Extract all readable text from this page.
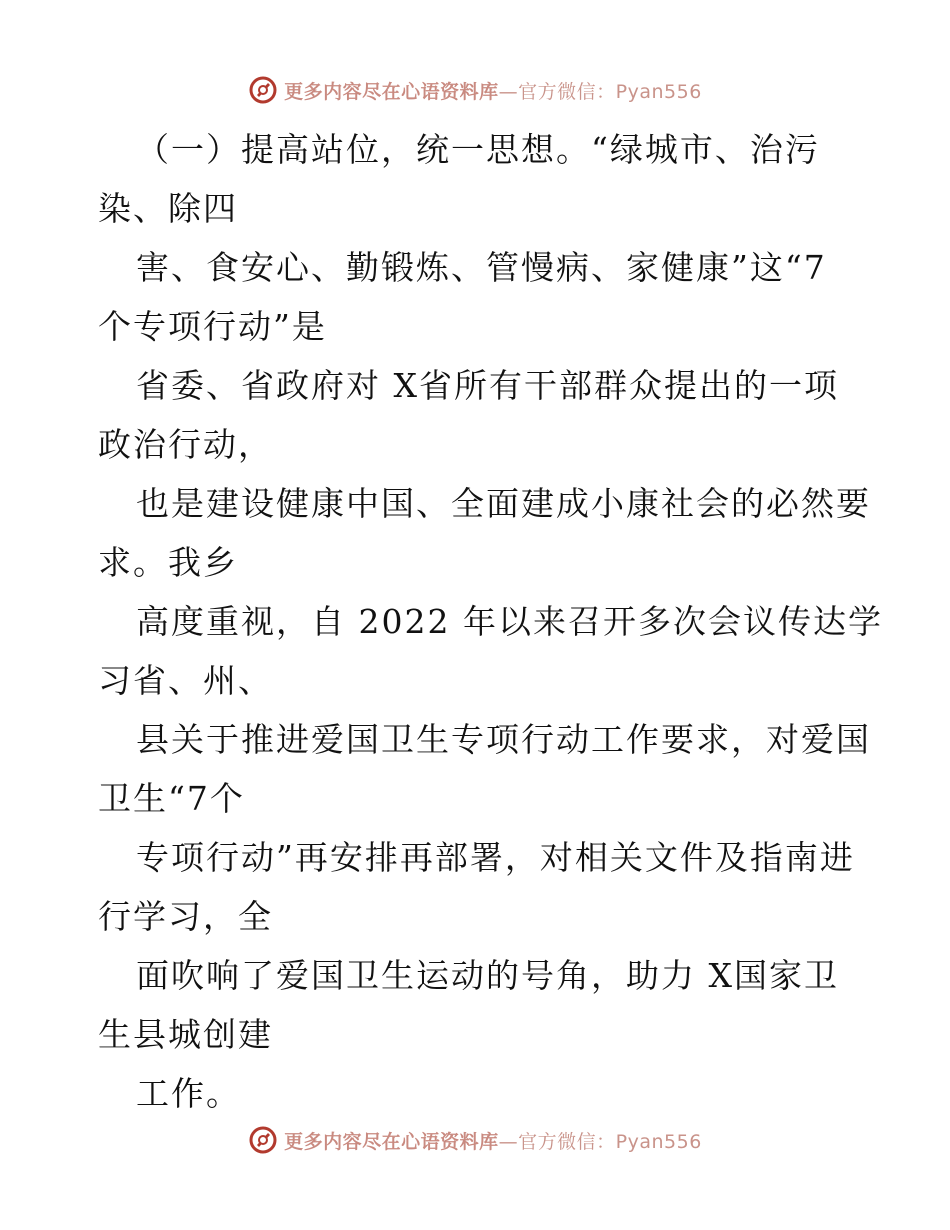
更多内容尽在心语资料库—官方微信：Pyan556
（一）提高站位，统一思想。“绿城市、治污
染、除四
害、食安心、勤锻炼、管慢病、家健康”这“7
个专项行动”是
省委、省政府对 X省所有干部群众提出的一项
政治行动，
也是建设健康中国、全面建成小康社会的必然要
求。我乡
高度重视，自 2022 年以来召开多次会议传达学
习省、州、
县关于推进爱国卫生专项行动工作要求，对爱国
卫生“7个
专项行动”再安排再部署，对相关文件及指南进
行学习，全
面吹响了爱国卫生运动的号角，助力 X国家卫
生县城创建
工作。
更多内容尽在心语资料库—官方微信：Pyan556
